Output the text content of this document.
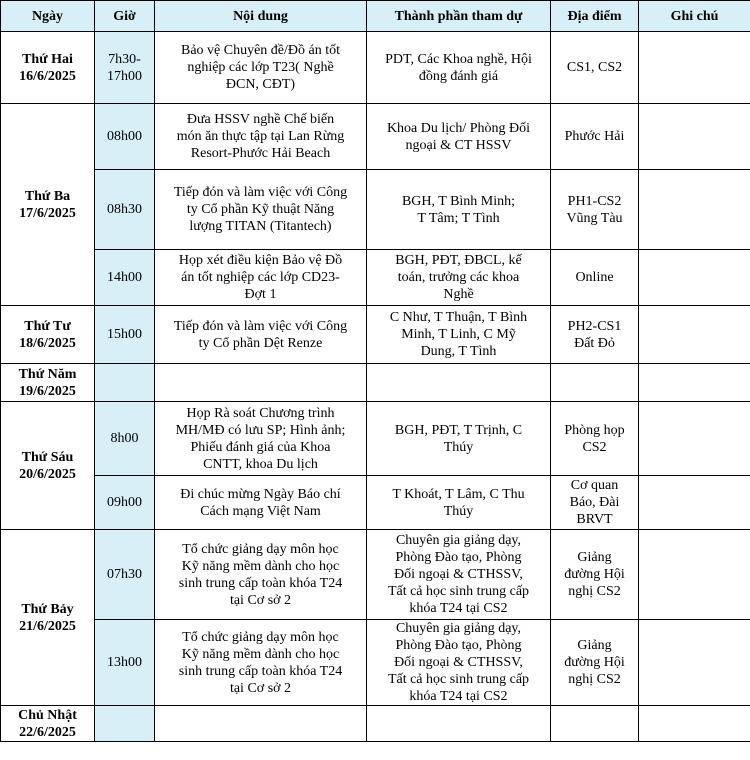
Ngày	Giờ	Nội dung	Thành phần tham dự	Địa điểm	Ghi chú

Thứ Hai
16/6/2025	7h30-
17h00	Bảo vệ Chuyên đề/Đồ án tốt
nghiệp các lớp T23( Nghề
ĐCN, CĐT)	PDT, Các Khoa nghề, Hội
đồng đánh giá	CS1, CS2	

Thứ Ba
17/6/2025	08h00	Đưa HSSV nghề Chế biến
món ăn thực tập tại Lan Rừng
Resort-Phước Hải Beach	Khoa Du lịch/ Phòng Đối
ngoại & CT HSSV	Phước Hải	

	08h30	Tiếp đón và làm việc với Công
ty Cổ phần Kỹ thuật Năng
lượng TITAN (Titantech)	BGH, T Bình Minh;
T Tâm; T Tình	PH1-CS2
Vũng Tàu	

	14h00	Họp xét điều kiện Bảo vệ Đồ
án tốt nghiệp các lớp CD23-
Đợt 1	BGH, PĐT, ĐBCL, kế
toán, trưởng các khoa
Nghề	Online	

Thứ Tư
18/6/2025	15h00	Tiếp đón và làm việc với Công
ty Cổ phần Dệt Renze	C Như, T Thuận, T Bình
Minh, T Linh, C Mỹ
Dung, T Tình	PH2-CS1
Đất Đỏ	

Thứ Năm
19/6/2025					

Thứ Sáu
20/6/2025	8h00	Họp Rà soát Chương trình
MH/MĐ có lưu SP; Hình ảnh;
Phiếu đánh giá của Khoa
CNTT, khoa Du lịch	BGH, PĐT, T Trịnh, C
Thúy	Phòng họp
CS2	

	09h00	Đi chúc mừng Ngày Báo chí
Cách mạng Việt Nam	T Khoát, T Lâm, C Thu
Thúy	Cơ quan
Báo, Đài
BRVT	

Thứ Bảy
21/6/2025	07h30	Tổ chức giảng dạy môn học
Kỹ năng mềm dành cho học
sinh trung cấp toàn khóa T24
tại Cơ sở 2	Chuyên gia giảng dạy,
Phòng Đào tạo, Phòng
Đối ngoại & CTHSSV,
Tất cả học sinh trung cấp
khóa T24 tại CS2	Giảng
đường Hội
nghị CS2	

	13h00	Tổ chức giảng dạy môn học
Kỹ năng mềm dành cho học
sinh trung cấp toàn khóa T24
tại Cơ sở 2	Chuyên gia giảng dạy,
Phòng Đào tạo, Phòng
Đối ngoại & CTHSSV,
Tất cả học sinh trung cấp
khóa T24 tại CS2	Giảng
đường Hội
nghị CS2	

Chủ Nhật
22/6/2025					
